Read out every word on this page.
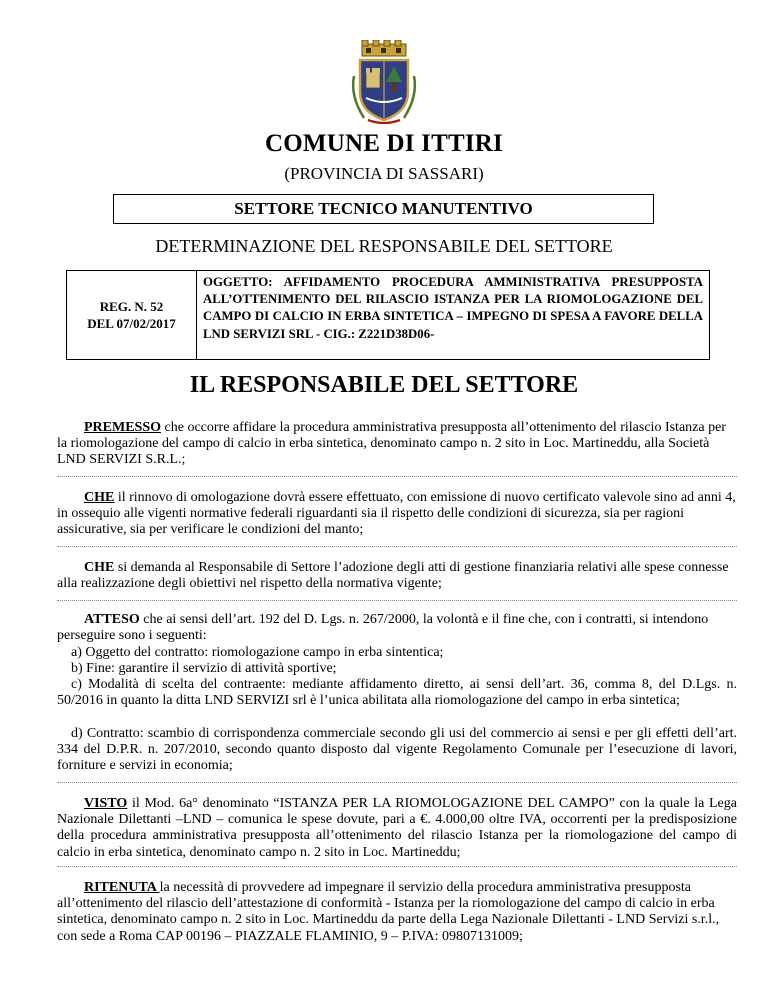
COMUNE DI ITTIRI
(PROVINCIA DI SASSARI)
SETTORE TECNICO MANUTENTIVO
DETERMINAZIONE DEL RESPONSABILE DEL SETTORE
REG. N. 52
DEL 07/02/2017
OGGETTO: AFFIDAMENTO PROCEDURA AMMINISTRATIVA PRESUPPOSTA ALL’OTTENIMENTO DEL RILASCIO ISTANZA PER LA RIOMOLOGAZIONE DEL CAMPO DI CALCIO IN ERBA SINTETICA – IMPEGNO DI SPESA A FAVORE DELLA LND SERVIZI SRL - CIG.: Z221D38D06-
IL RESPONSABILE DEL SETTORE
PREMESSO che occorre affidare la procedura amministrativa presupposta all’ottenimento del rilascio Istanza per la riomologazione del campo di calcio in erba sintetica, denominato campo n. 2 sito in Loc. Martineddu, alla Società LND SERVIZI S.R.L.;
CHE il rinnovo di omologazione dovrà essere effettuato, con emissione di nuovo certificato valevole sino ad anni 4, in ossequio alle vigenti normative federali riguardanti sia il rispetto delle condizioni di sicurezza, sia per ragioni assicurative, sia per verificare le condizioni del manto;
CHE si demanda al Responsabile di Settore l’adozione degli atti di gestione finanziaria relativi alle spese connesse alla realizzazione degli obiettivi nel rispetto della normativa vigente;
ATTESO che ai sensi dell’art. 192 del D. Lgs. n. 267/2000, la volontà e il fine che, con i contratti, si intendono perseguire sono i seguenti:
a) Oggetto del contratto: riomologazione campo in erba sintentica;
b) Fine: garantire il servizio di attività sportive;
c) Modalità di scelta del contraente: mediante affidamento diretto, ai sensi dell’art. 36, comma 8, del D.Lgs. n. 50/2016 in quanto la ditta LND SERVIZI srl è l’unica abilitata alla riomologazione del campo in erba sintetica;
d) Contratto: scambio di corrispondenza commerciale secondo gli usi del commercio ai sensi e per gli effetti dell’art. 334 del D.P.R. n. 207/2010, secondo quanto disposto dal vigente Regolamento Comunale per l’esecuzione di lavori, forniture e servizi in economia;
VISTO il Mod. 6a° denominato “ISTANZA PER LA RIOMOLOGAZIONE DEL CAMPO” con la quale la Lega Nazionale Dilettanti –LND – comunica le spese dovute, pari a €. 4.000,00 oltre IVA, occorrenti per la predisposizione della procedura amministrativa presupposta all’ottenimento del rilascio Istanza per la riomologazione del campo di calcio in erba sintetica, denominato campo n. 2 sito in Loc. Martineddu;
RITENUTA la necessità di provvedere ad impegnare il servizio della procedura amministrativa presupposta all’ottenimento del rilascio dell’attestazione di conformità - Istanza per la riomologazione del campo di calcio in erba sintetica, denominato campo n. 2 sito in Loc. Martineddu da parte della Lega Nazionale Dilettanti - LND Servizi s.r.l., con sede a Roma CAP 00196 – PIAZZALE FLAMINIO, 9 – P.IVA: 09807131009;
